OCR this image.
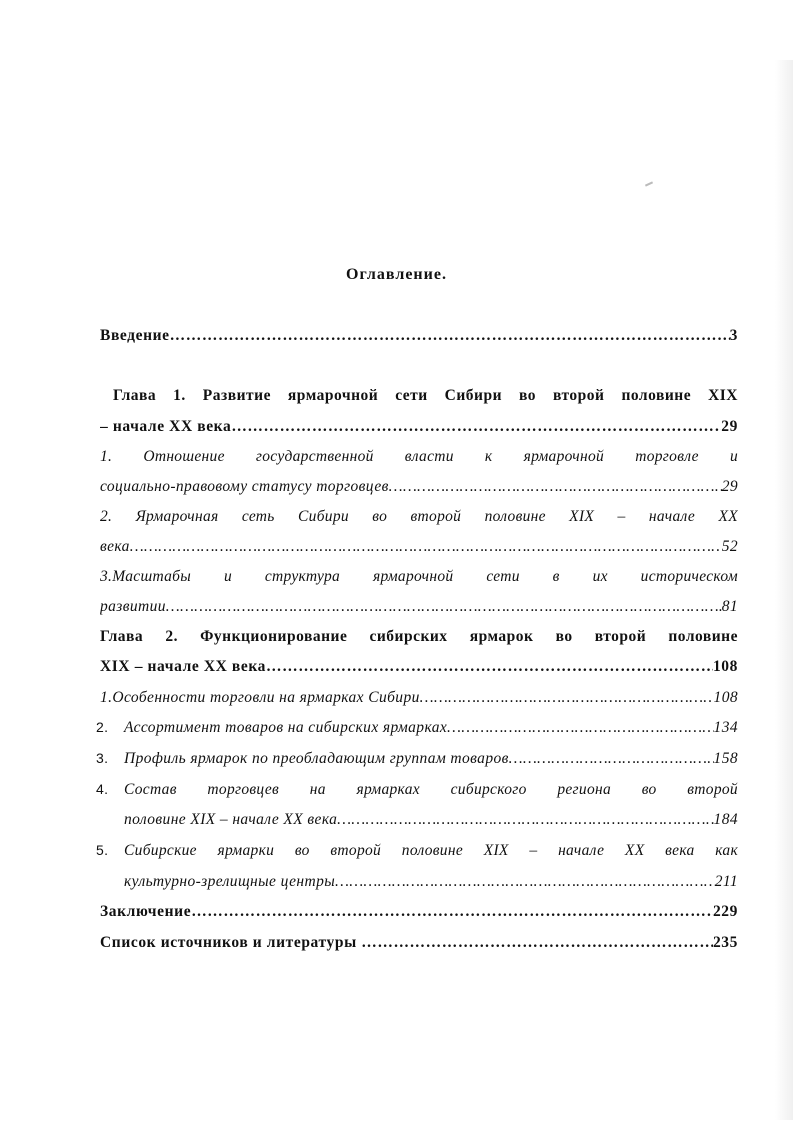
Оглавление.
Введение …………………………………………………………………………………………………………………………………………………………………………	3
Глава 1. Развитие ярмарочной сети Сибири во второй половине XIX
– начале XX века …………………………………………………………………………………………………………………………………………………………………………	29
1. Отношение государственной власти к ярмарочной торговле и
социально-правовому статусу торговцев …………………………………………………………………………………………………………………………………………………………………………	29
2. Ярмарочная сеть Сибири во второй половине XIX – начале XX
века …………………………………………………………………………………………………………………………………………………………………………	52
3.Масштабы и структура ярмарочной сети в их историческом
развитии …………………………………………………………………………………………………………………………………………………………………………	81
Глава 2. Функционирование сибирских ярмарок во второй половине
XIX – начале XX века …………………………………………………………………………………………………………………………………………………………………………	108
1.Особенности торговли на ярмарках Сибири …………………………………………………………………………………………………………………………………………………………………………	108
2.	Ассортимент товаров на сибирских ярмарках …………………………………………………………………………………………………………………………………………………………………………	134
3.	Профиль ярмарок по преобладающим группам товаров …………………………………………………………………………………………………………………………………………………………………………	158
4.	Состав торговцев на ярмарках сибирского региона во второй
половине XIX – начале XX века …………………………………………………………………………………………………………………………………………………………………………	184
5.	Сибирские ярмарки во второй половине XIX – начале XX века как
культурно-зрелищные центры …………………………………………………………………………………………………………………………………………………………………………	211
Заключение …………………………………………………………………………………………………………………………………………………………………………	229
Список источников и литературы …………………………………………………………………………………………………………………………………………………………………………	235
